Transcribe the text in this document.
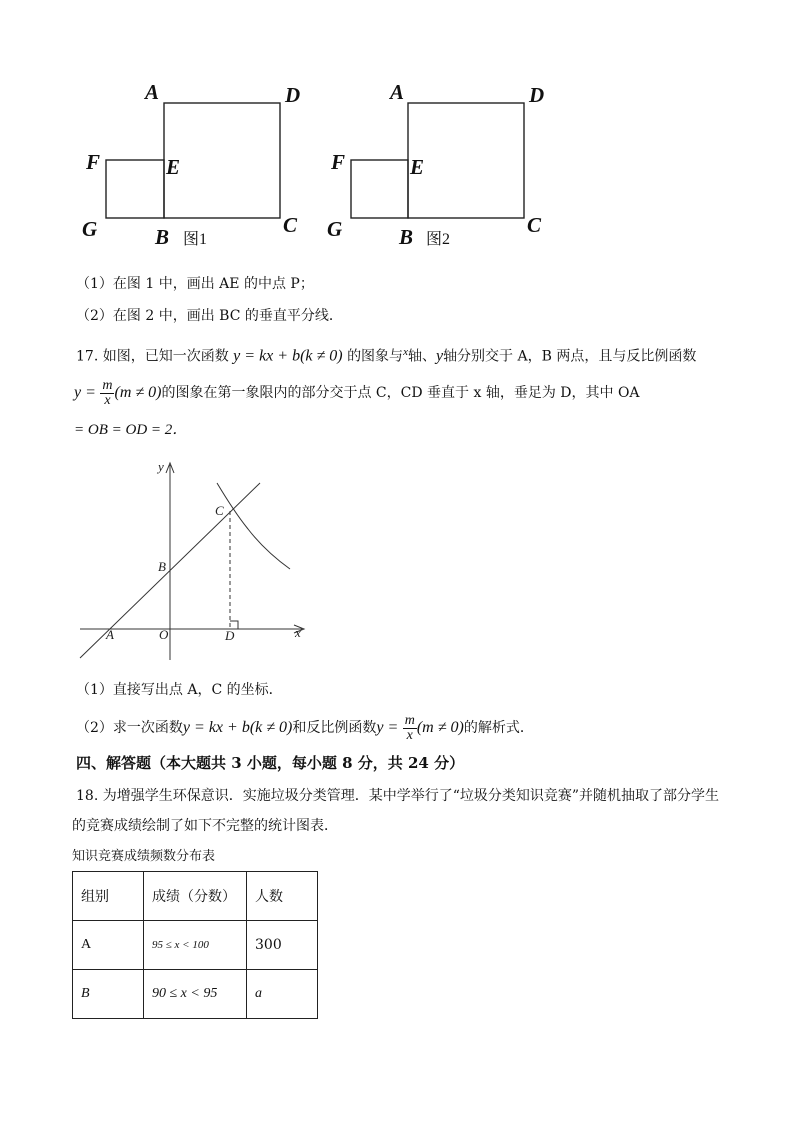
A	D
F	E
G	B	C
图1
A	D
F	E
G	B	C
图2
（1）在图 1 中，画出 AE 的中点 P；
（2）在图 2 中，画出 BC 的垂直平分线．
17. 如图，已知一次函数 y = kx + b(k ≠ 0) 的图象与$^x$轴、y轴分别交于 A，B 两点，且与反比例函数
$y = \frac{m}{x} (m \ne 0)$的图象在第一象限内的部分交于点 C，CD 垂直于 x 轴，垂足为 D，其中 OA
= OB = OD = 2．
y
x
C
B
A	O	D
（1）直接写出点 A，C 的坐标．
（2）求一次函数y = kx + b(k ≠ 0)和反比例函数$y = \frac{m}{x} (m \ne 0)$的解析式．
四、解答题（本大题共 3 小题，每小题 8 分，共 24 分）
18. 为增强学生环保意识．实施垃圾分类管理．某中学举行了“垃圾分类知识竞赛”并随机抽取了部分学生
的竞赛成绩绘制了如下不完整的统计图表．
知识竞赛成绩频数分布表
组别	成绩（分数）	人数
A	95 ≤ x < 100	300
B	90 ≤ x < 95	a
